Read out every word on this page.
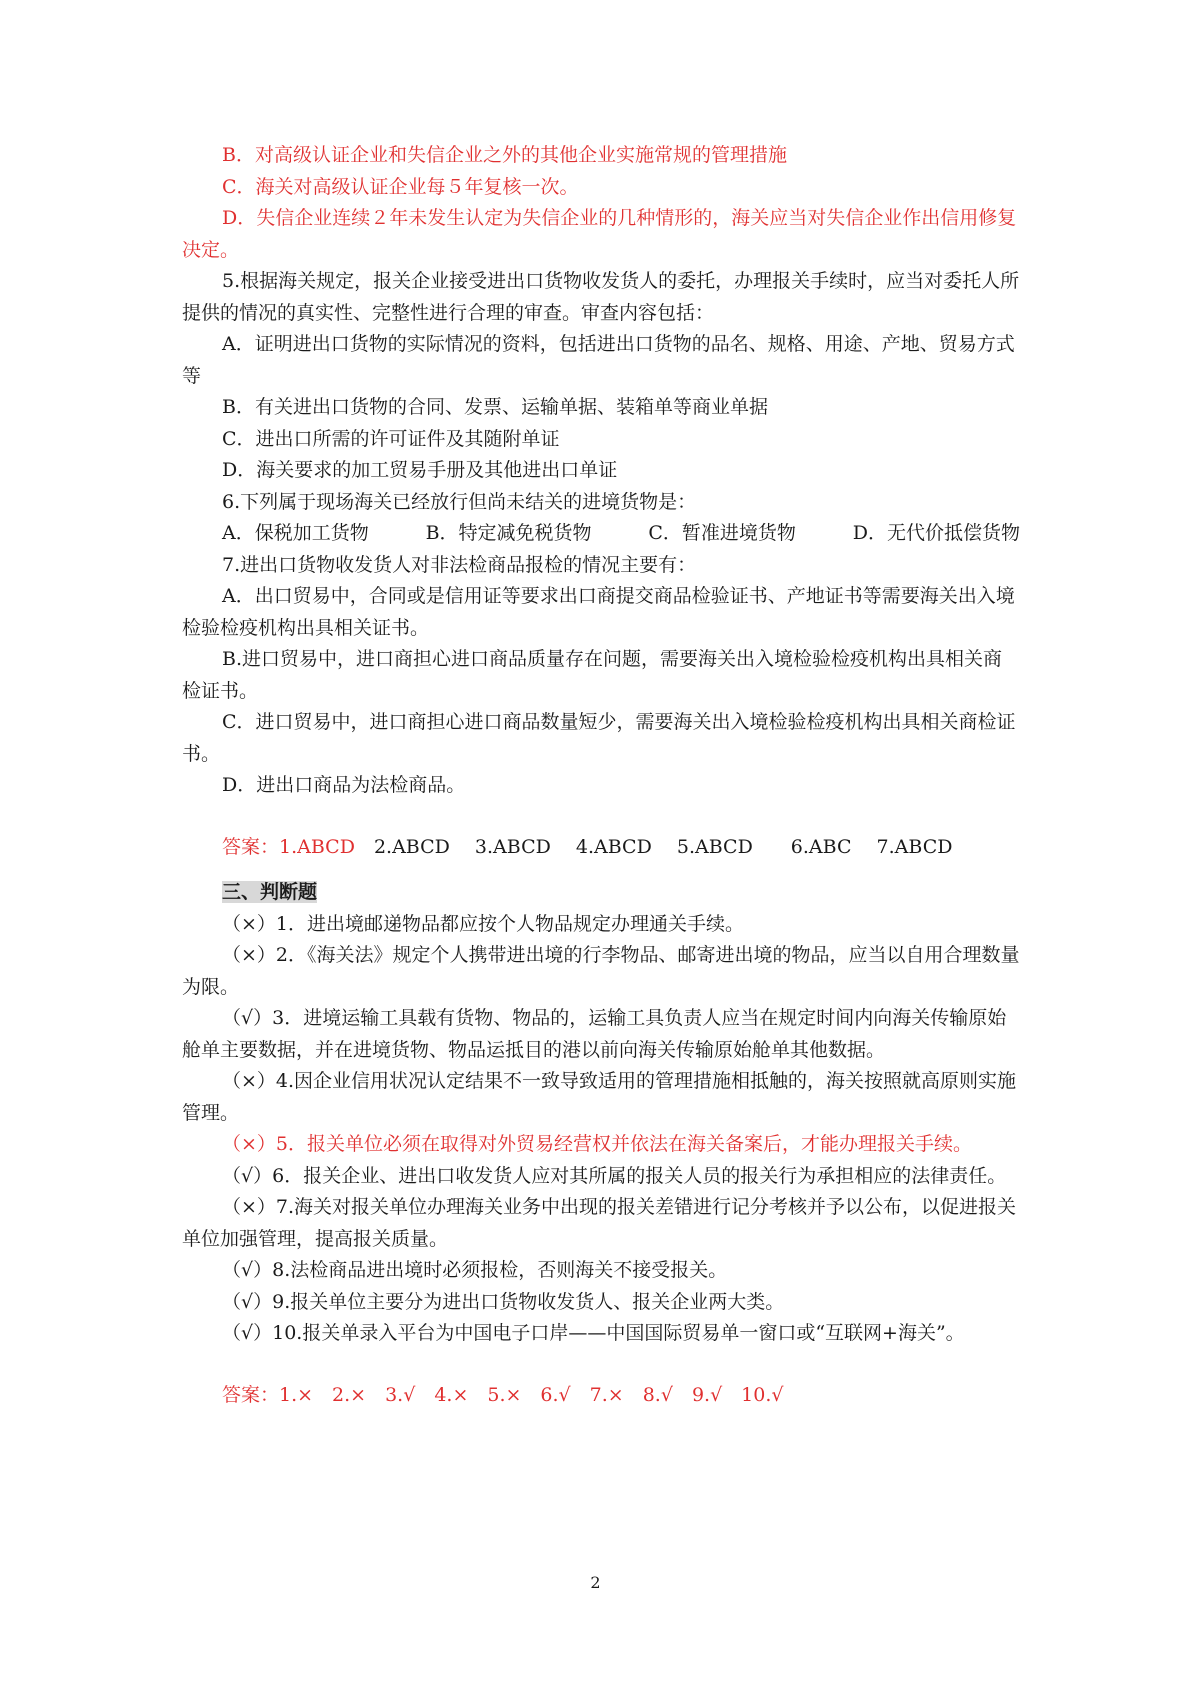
B．对高级认证企业和失信企业之外的其他企业实施常规的管理措施

C．海关对高级认证企业每５年复核一次。

D．失信企业连续２年未发生认定为失信企业的几种情形的，海关应当对失信企业作出信用修复决定。

5.根据海关规定，报关企业接受进出口货物收发货人的委托，办理报关手续时，应当对委托人所提供的情况的真实性、完整性进行合理的审查。审查内容包括：

A．证明进出口货物的实际情况的资料，包括进出口货物的品名、规格、用途、产地、贸易方式等

B．有关进出口货物的合同、发票、运输单据、装箱单等商业单据

C．进出口所需的许可证件及其随附单证

D．海关要求的加工贸易手册及其他进出口单证

6.下列属于现场海关已经放行但尚未结关的进境货物是：

A．保税加工货物	B．特定减免税货物	C．暂准进境货物	D．无代价抵偿货物

7.进出口货物收发货人对非法检商品报检的情况主要有：

A．出口贸易中，合同或是信用证等要求出口商提交商品检验证书、产地证书等需要海关出入境检验检疫机构出具相关证书。

B.进口贸易中，进口商担心进口商品质量存在问题，需要海关出入境检验检疫机构出具相关商检证书。

C．进口贸易中，进口商担心进口商品数量短少，需要海关出入境检验检疫机构出具相关商检证书。

D．进出口商品为法检商品。

答案：1.ABCD　2.ABCD　 3.ABCD　 4.ABCD　 5.ABCD　　6.ABC　 7.ABCD

三、判断题

（×）1．进出境邮递物品都应按个人物品规定办理通关手续。

（×）2．《海关法》规定个人携带进出境的行李物品、邮寄进出境的物品，应当以自用合理数量为限。

（√）3．进境运输工具载有货物、物品的，运输工具负责人应当在规定时间内向海关传输原始舱单主要数据，并在进境货物、物品运抵目的港以前向海关传输原始舱单其他数据。

（×）4.因企业信用状况认定结果不一致导致适用的管理措施相抵触的，海关按照就高原则实施管理。

（×）5．报关单位必须在取得对外贸易经营权并依法在海关备案后，才能办理报关手续。

（√）6．报关企业、进出口收发货人应对其所属的报关人员的报关行为承担相应的法律责任。

（×）7.海关对报关单位办理海关业务中出现的报关差错进行记分考核并予以公布，以促进报关单位加强管理，提高报关质量。

（√）8.法检商品进出境时必须报检，否则海关不接受报关。

（√）9.报关单位主要分为进出口货物收发货人、报关企业两大类。

（√）10.报关单录入平台为中国电子口岸——中国国际贸易单一窗口或“互联网+海关”。

答案：1.×　2.×　3.√　4.×　5.×　6.√　7.×　8.√　9.√　10.√

2
